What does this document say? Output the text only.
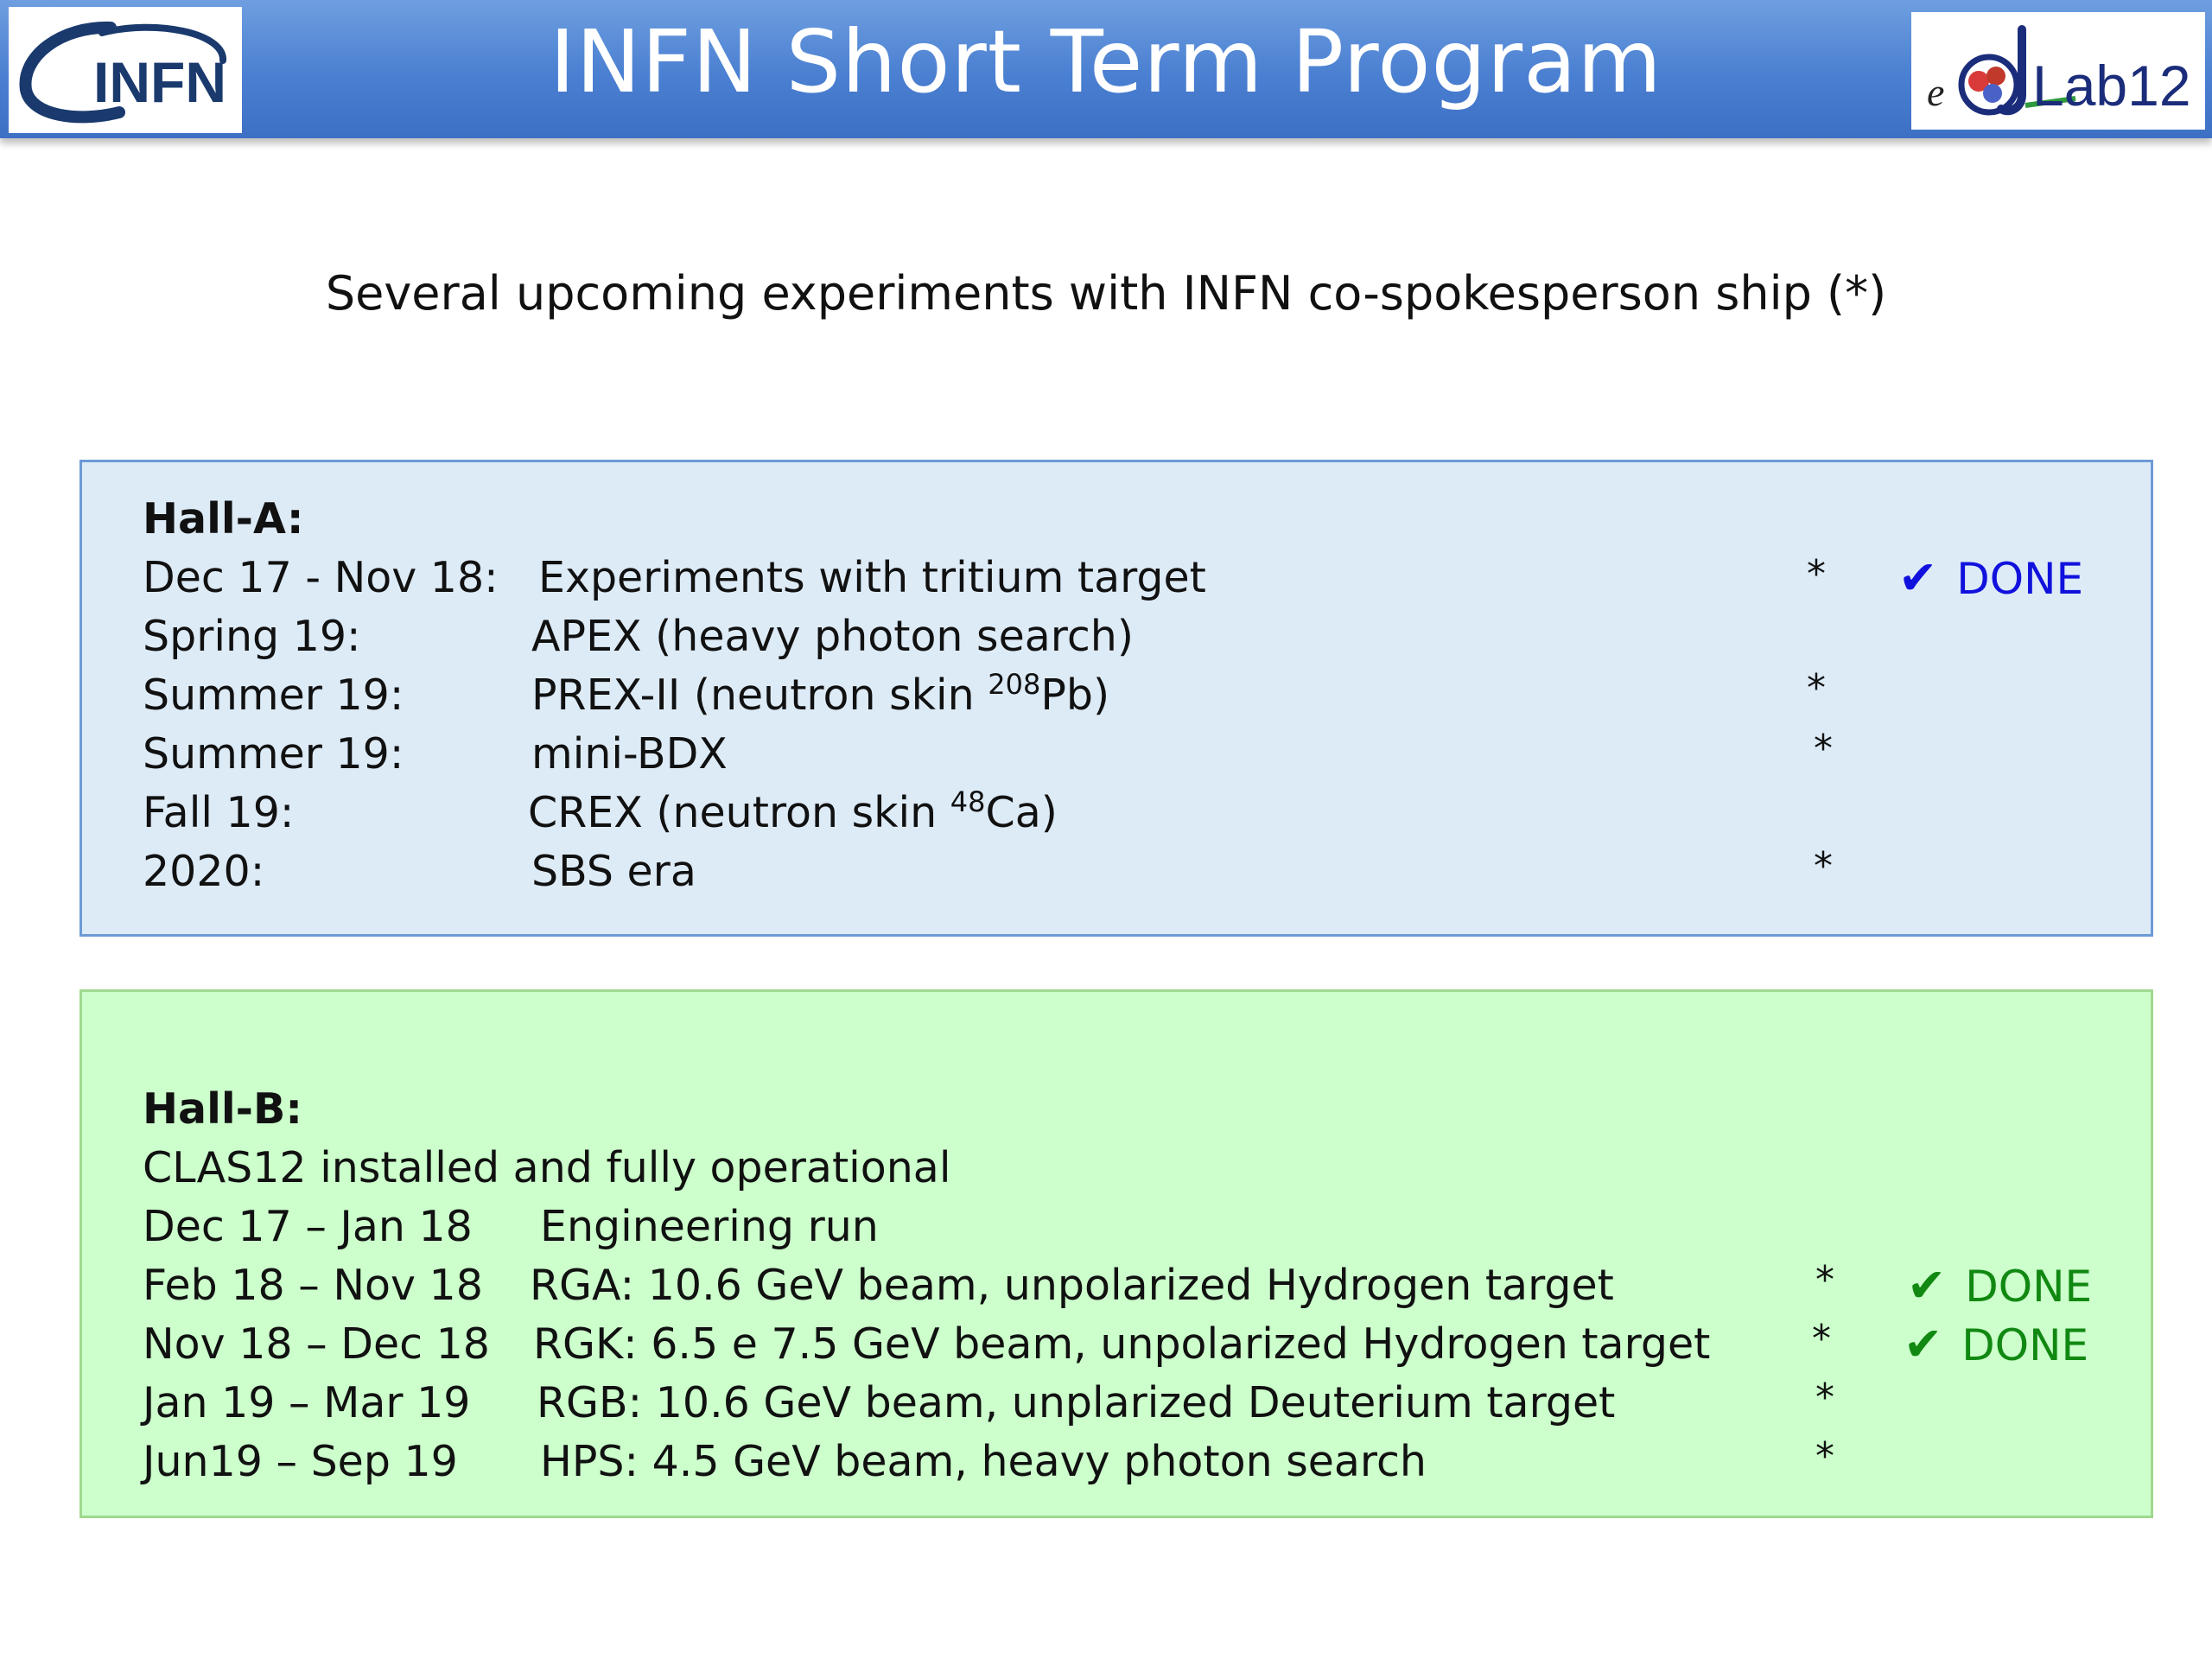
INFN	INFN Short Term Program	e Lab12
Several upcoming experiments with INFN co-spokesperson ship (*)
Hall-A:
Dec 17 - Nov 18: Experiments with tritium target	* ✔ DONE
Spring 19:	APEX (heavy photon search)
Summer 19:	PREX-II (neutron skin $^{208}$Pb)	*
Summer 19:	mini-BDX	*
Fall 19:	CREX (neutron skin $^{48}$Ca)
2020:	SBS era	*
Hall-B:
CLAS12 installed and fully operational
Dec 17 – Jan 18 Engineering run
Feb 18 – Nov 18 RGA: 10.6 GeV beam, unpolarized Hydrogen target	* ✔ DONE
Nov 18 – Dec 18 RGK: 6.5 e 7.5 GeV beam, unpolarized Hydrogen target	* ✔ DONE
Jan 19 – Mar 19 RGB: 10.6 GeV beam, unplarized Deuterium target	*
Jun19 – Sep 19 HPS: 4.5 GeV beam, heavy photon search	*
